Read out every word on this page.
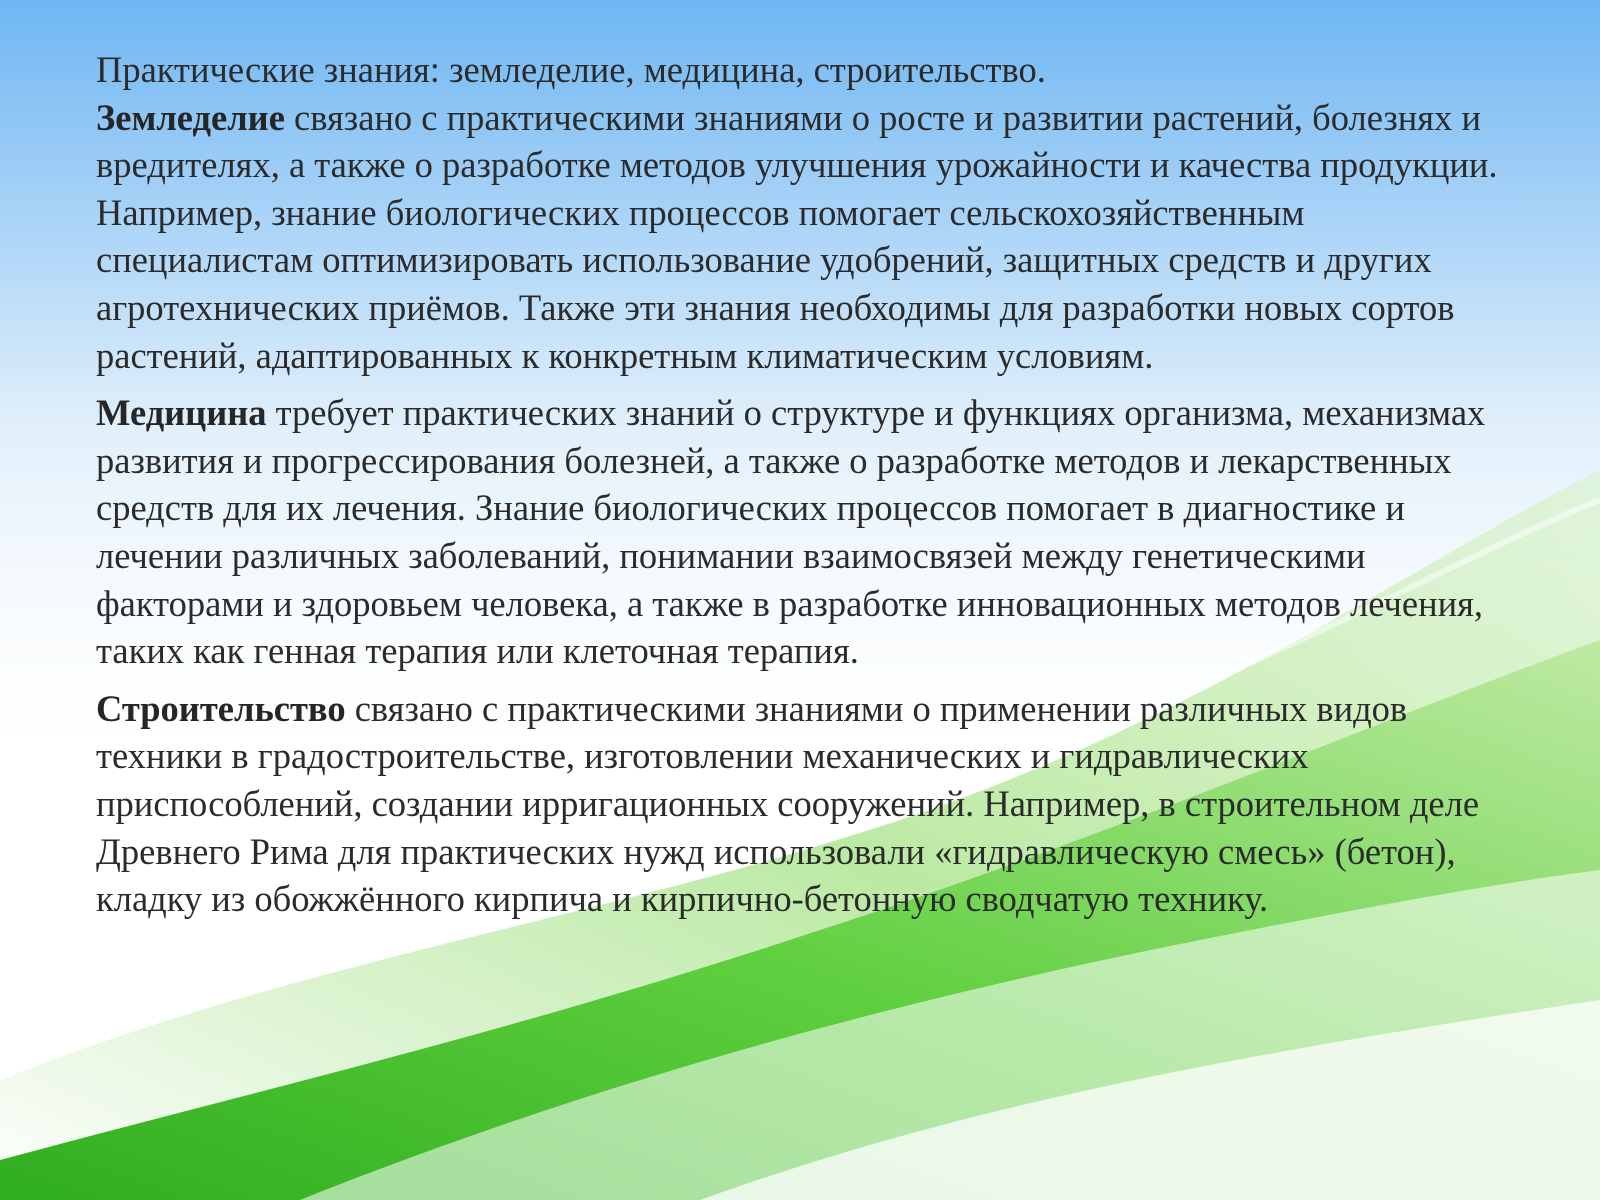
Практические знания: земледелие, медицина, строительство.

Земледелие связано с практическими знаниями о росте и развитии растений, болезнях и вредителях, а также о разработке методов улучшения урожайности и качества продукции. Например, знание биологических процессов помогает сельскохозяйственным специалистам оптимизировать использование удобрений, защитных средств и других агротехнических приёмов. Также эти знания необходимы для разработки новых сортов растений, адаптированных к конкретным климатическим условиям.

Медицина требует практических знаний о структуре и функциях организма, механизмах развития и прогрессирования болезней, а также о разработке методов и лекарственных средств для их лечения. Знание биологических процессов помогает в диагностике и лечении различных заболеваний, понимании взаимосвязей между генетическими факторами и здоровьем человека, а также в разработке инновационных методов лечения, таких как генная терапия или клеточная терапия.

Строительство связано с практическими знаниями о применении различных видов техники в градостроительстве, изготовлении механических и гидравлических приспособлений, создании ирригационных сооружений. Например, в строительном деле Древнего Рима для практических нужд использовали «гидравлическую смесь» (бетон), кладку из обожжённого кирпича и кирпично-бетонную сводчатую технику.
